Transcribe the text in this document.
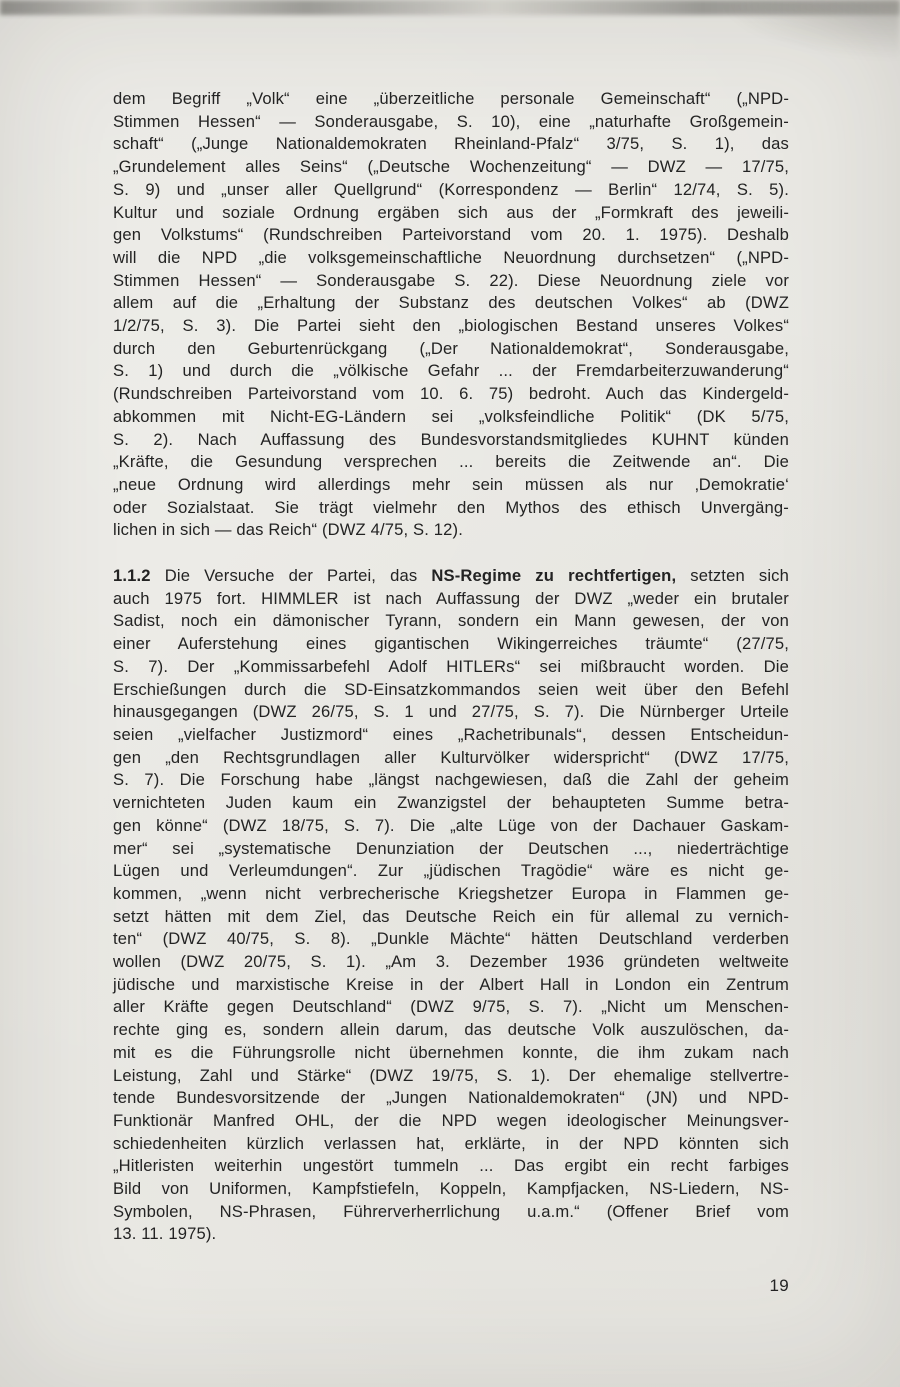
dem Begriff „Volk“ eine „überzeitliche personale Gemeinschaft“ („NPD-
Stimmen Hessen“ — Sonderausgabe, S. 10), eine „naturhafte Großgemein-
schaft“ („Junge Nationaldemokraten Rheinland-Pfalz“ 3/75, S. 1), das
„Grundelement alles Seins“ („Deutsche Wochenzeitung“ — DWZ — 17/75,
S. 9) und „unser aller Quellgrund“ (Korrespondenz — Berlin“ 12/74, S. 5).
Kultur und soziale Ordnung ergäben sich aus der „Formkraft des jeweili-
gen Volkstums“ (Rundschreiben Parteivorstand vom 20. 1. 1975). Deshalb
will die NPD „die volksgemeinschaftliche Neuordnung durchsetzen“ („NPD-
Stimmen Hessen“ — Sonderausgabe S. 22). Diese Neuordnung ziele vor
allem auf die „Erhaltung der Substanz des deutschen Volkes“ ab (DWZ
1/2/75, S. 3). Die Partei sieht den „biologischen Bestand unseres Volkes“
durch den Geburtenrückgang („Der Nationaldemokrat“, Sonderausgabe,
S. 1) und durch die „völkische Gefahr ... der Fremdarbeiterzuwanderung“
(Rundschreiben Parteivorstand vom 10. 6. 75) bedroht. Auch das Kindergeld-
abkommen mit Nicht-EG-Ländern sei „volksfeindliche Politik“ (DK 5/75,
S. 2). Nach Auffassung des Bundesvorstandsmitgliedes KUHNT künden
„Kräfte, die Gesundung versprechen ... bereits die Zeitwende an“. Die
„neue Ordnung wird allerdings mehr sein müssen als nur ‚Demokratie‘
oder Sozialstaat. Sie trägt vielmehr den Mythos des ethisch Unvergäng-
lichen in sich — das Reich“ (DWZ 4/75, S. 12).
1.1.2 Die Versuche der Partei, das NS-Regime zu rechtfertigen, setzten sich
auch 1975 fort. HIMMLER ist nach Auffassung der DWZ „weder ein brutaler
Sadist, noch ein dämonischer Tyrann, sondern ein Mann gewesen, der von
einer Auferstehung eines gigantischen Wikingerreiches träumte“ (27/75,
S. 7). Der „Kommissarbefehl Adolf HITLERs“ sei mißbraucht worden. Die
Erschießungen durch die SD-Einsatzkommandos seien weit über den Befehl
hinausgegangen (DWZ 26/75, S. 1 und 27/75, S. 7). Die Nürnberger Urteile
seien „vielfacher Justizmord“ eines „Rachetribunals“, dessen Entscheidun-
gen „den Rechtsgrundlagen aller Kulturvölker widerspricht“ (DWZ 17/75,
S. 7). Die Forschung habe „längst nachgewiesen, daß die Zahl der geheim
vernichteten Juden kaum ein Zwanzigstel der behaupteten Summe betra-
gen könne“ (DWZ 18/75, S. 7). Die „alte Lüge von der Dachauer Gaskam-
mer“ sei „systematische Denunziation der Deutschen ..., niederträchtige
Lügen und Verleumdungen“. Zur „jüdischen Tragödie“ wäre es nicht ge-
kommen, „wenn nicht verbrecherische Kriegshetzer Europa in Flammen ge-
setzt hätten mit dem Ziel, das Deutsche Reich ein für allemal zu vernich-
ten“ (DWZ 40/75, S. 8). „Dunkle Mächte“ hätten Deutschland verderben
wollen (DWZ 20/75, S. 1). „Am 3. Dezember 1936 gründeten weltweite
jüdische und marxistische Kreise in der Albert Hall in London ein Zentrum
aller Kräfte gegen Deutschland“ (DWZ 9/75, S. 7). „Nicht um Menschen-
rechte ging es, sondern allein darum, das deutsche Volk auszulöschen, da-
mit es die Führungsrolle nicht übernehmen konnte, die ihm zukam nach
Leistung, Zahl und Stärke“ (DWZ 19/75, S. 1). Der ehemalige stellvertre-
tende Bundesvorsitzende der „Jungen Nationaldemokraten“ (JN) und NPD-
Funktionär Manfred OHL, der die NPD wegen ideologischer Meinungsver-
schiedenheiten kürzlich verlassen hat, erklärte, in der NPD könnten sich
„Hitleristen weiterhin ungestört tummeln ... Das ergibt ein recht farbiges
Bild von Uniformen, Kampfstiefeln, Koppeln, Kampfjacken, NS-Liedern, NS-
Symbolen, NS-Phrasen, Führerverherrlichung u.a.m.“ (Offener Brief vom
13. 11. 1975).
19
